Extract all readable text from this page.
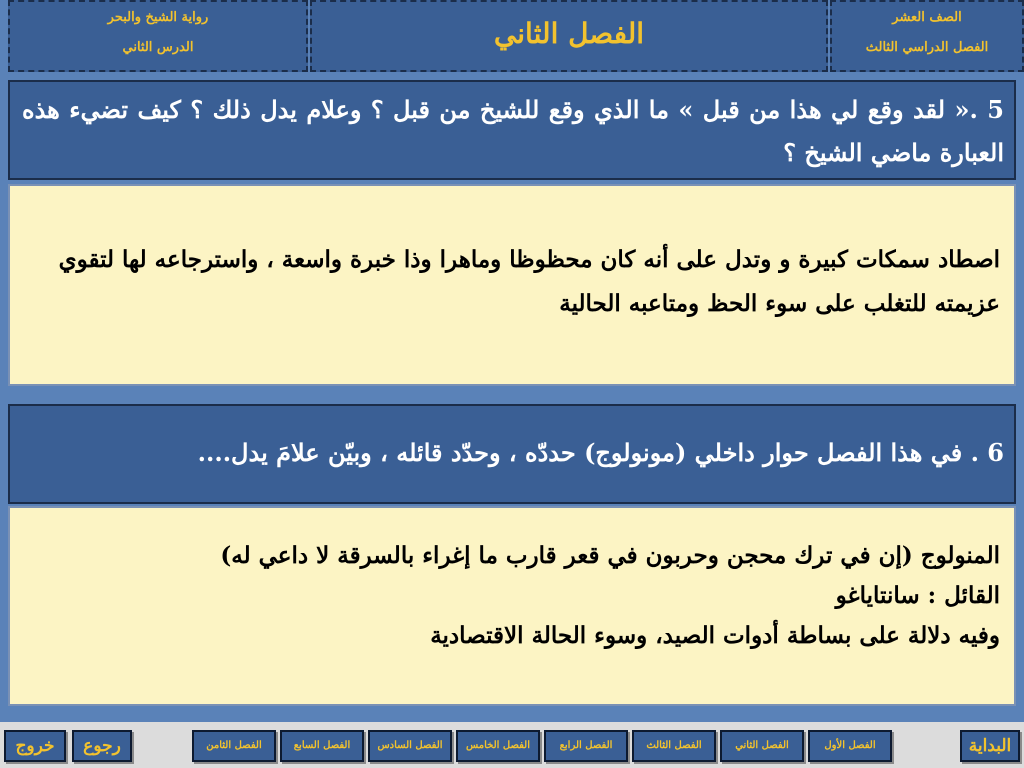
الصف العشر
الفصل الدراسي الثالث
الفصل الثاني
رواية الشيخ والبحر
الدرس الثاني
5 .« لقد وقع لي هذا من قبل » ما الذي وقع للشيخ من قبل ؟ وعلام يدل ذلك ؟ كيف تضيء هذه العبارة ماضي الشيخ ؟
اصطاد سمكات كبيرة و وتدل على أنه كان محظوظا وماهرا وذا خبرة واسعة ، واسترجاعه لها لتقوي عزيمته للتغلب على سوء الحظ ومتاعبه الحالية
6 . في هذا الفصل حوار داخلي (مونولوج) حددّه ، وحدّد قائله ، وبيّن علامَ يدل....
المنولوج (إن في ترك محجن وحربون في قعر قارب ما إغراء بالسرقة لا داعي له)
القائل : سانتاياغو
وفيه دلالة على بساطة أدوات الصيد، وسوء الحالة الاقتصادية
البداية
الفصل الأول
الفصل الثاني
الفصل الثالث
الفصل الرابع
الفصل الخامس
الفصل السادس
الفصل السابع
الفصل الثامن
رجوع
خروج
